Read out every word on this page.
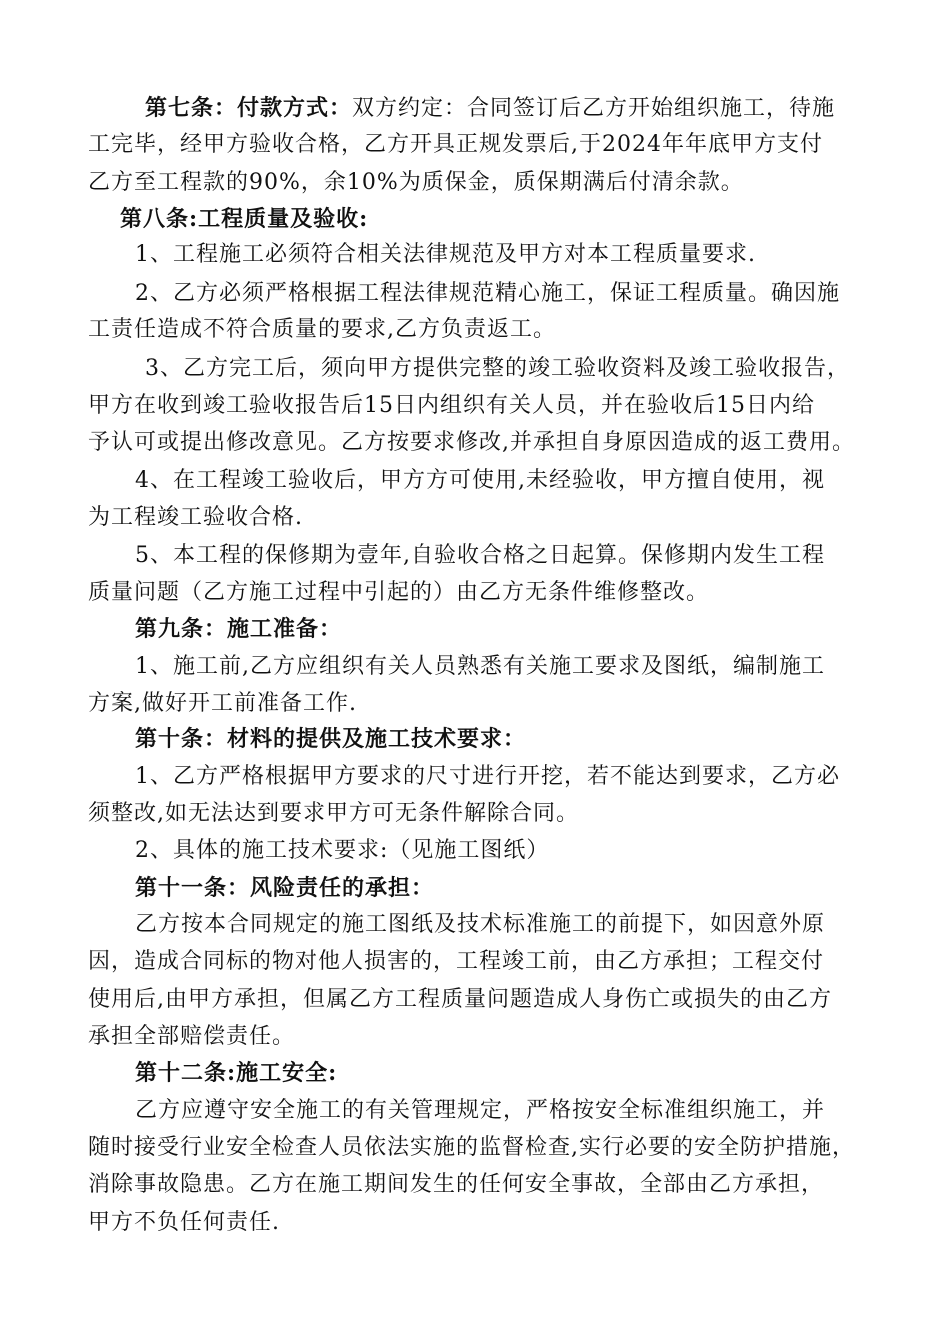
第七条：付款方式：双方约定：合同签订后乙方开始组织施工，待施
工完毕，经甲方验收合格，乙方开具正规发票后,于2024年年底甲方支付
乙方至工程款的90%，余10%为质保金，质保期满后付清余款。
第八条:工程质量及验收:
1、工程施工必须符合相关法律规范及甲方对本工程质量要求.
2、乙方必须严格根据工程法律规范精心施工，保证工程质量。确因施
工责任造成不符合质量的要求,乙方负责返工。
3、乙方完工后，须向甲方提供完整的竣工验收资料及竣工验收报告，
甲方在收到竣工验收报告后15日内组织有关人员，并在验收后15日内给
予认可或提出修改意见。乙方按要求修改,并承担自身原因造成的返工费用。
4、在工程竣工验收后，甲方方可使用,未经验收，甲方擅自使用，视
为工程竣工验收合格.
5、本工程的保修期为壹年,自验收合格之日起算。保修期内发生工程
质量问题（乙方施工过程中引起的）由乙方无条件维修整改。
第九条：施工准备：
1、施工前,乙方应组织有关人员熟悉有关施工要求及图纸，编制施工
方案,做好开工前准备工作.
第十条：材料的提供及施工技术要求：
1、乙方严格根据甲方要求的尺寸进行开挖，若不能达到要求，乙方必
须整改,如无法达到要求甲方可无条件解除合同。
2、具体的施工技术要求:（见施工图纸）
第十一条：风险责任的承担：
乙方按本合同规定的施工图纸及技术标准施工的前提下，如因意外原
因，造成合同标的物对他人损害的，工程竣工前，由乙方承担；工程交付
使用后,由甲方承担，但属乙方工程质量问题造成人身伤亡或损失的由乙方
承担全部赔偿责任。
第十二条:施工安全:
乙方应遵守安全施工的有关管理规定，严格按安全标准组织施工，并
随时接受行业安全检查人员依法实施的监督检查,实行必要的安全防护措施，
消除事故隐患。乙方在施工期间发生的任何安全事故，全部由乙方承担，
甲方不负任何责任.
